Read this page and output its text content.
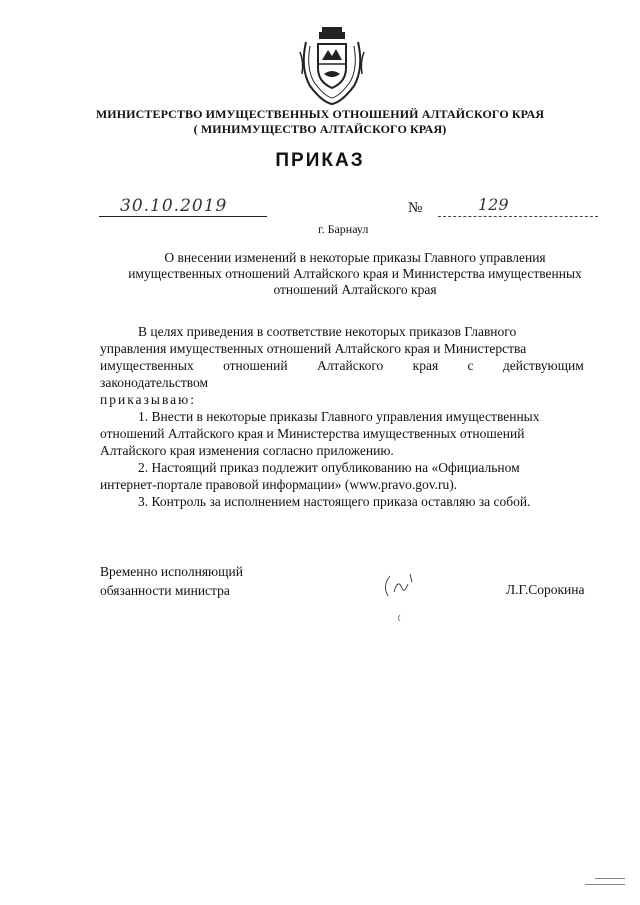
МИНИСТЕРСТВО ИМУЩЕСТВЕННЫХ ОТНОШЕНИЙ АЛТАЙСКОГО КРАЯ
( МИНИМУЩЕСТВО АЛТАЙСКОГО КРАЯ)
ПРИКАЗ
30.10.2019	№	129
г. Барнаул
О внесении изменений в некоторые приказы Главного управления
имущественных отношений Алтайского края и Министерства имущественных
отношений Алтайского края
В целях приведения в соответствие некоторых приказов Главного
управления имущественных отношений Алтайского края и Министерства
имущественных отношений Алтайского края с действующим
законодательством
приказываю:
1. Внести в некоторые приказы Главного управления имущественных
отношений Алтайского края и Министерства имущественных отношений
Алтайского края изменения согласно приложению.
2. Настоящий приказ подлежит опубликованию на «Официальном
интернет-портале правовой информации» (www.pravo.gov.ru).
3. Контроль за исполнением настоящего приказа оставляю за собой.
Временно исполняющий
обязанности министра	Л.Г.Сорокина
